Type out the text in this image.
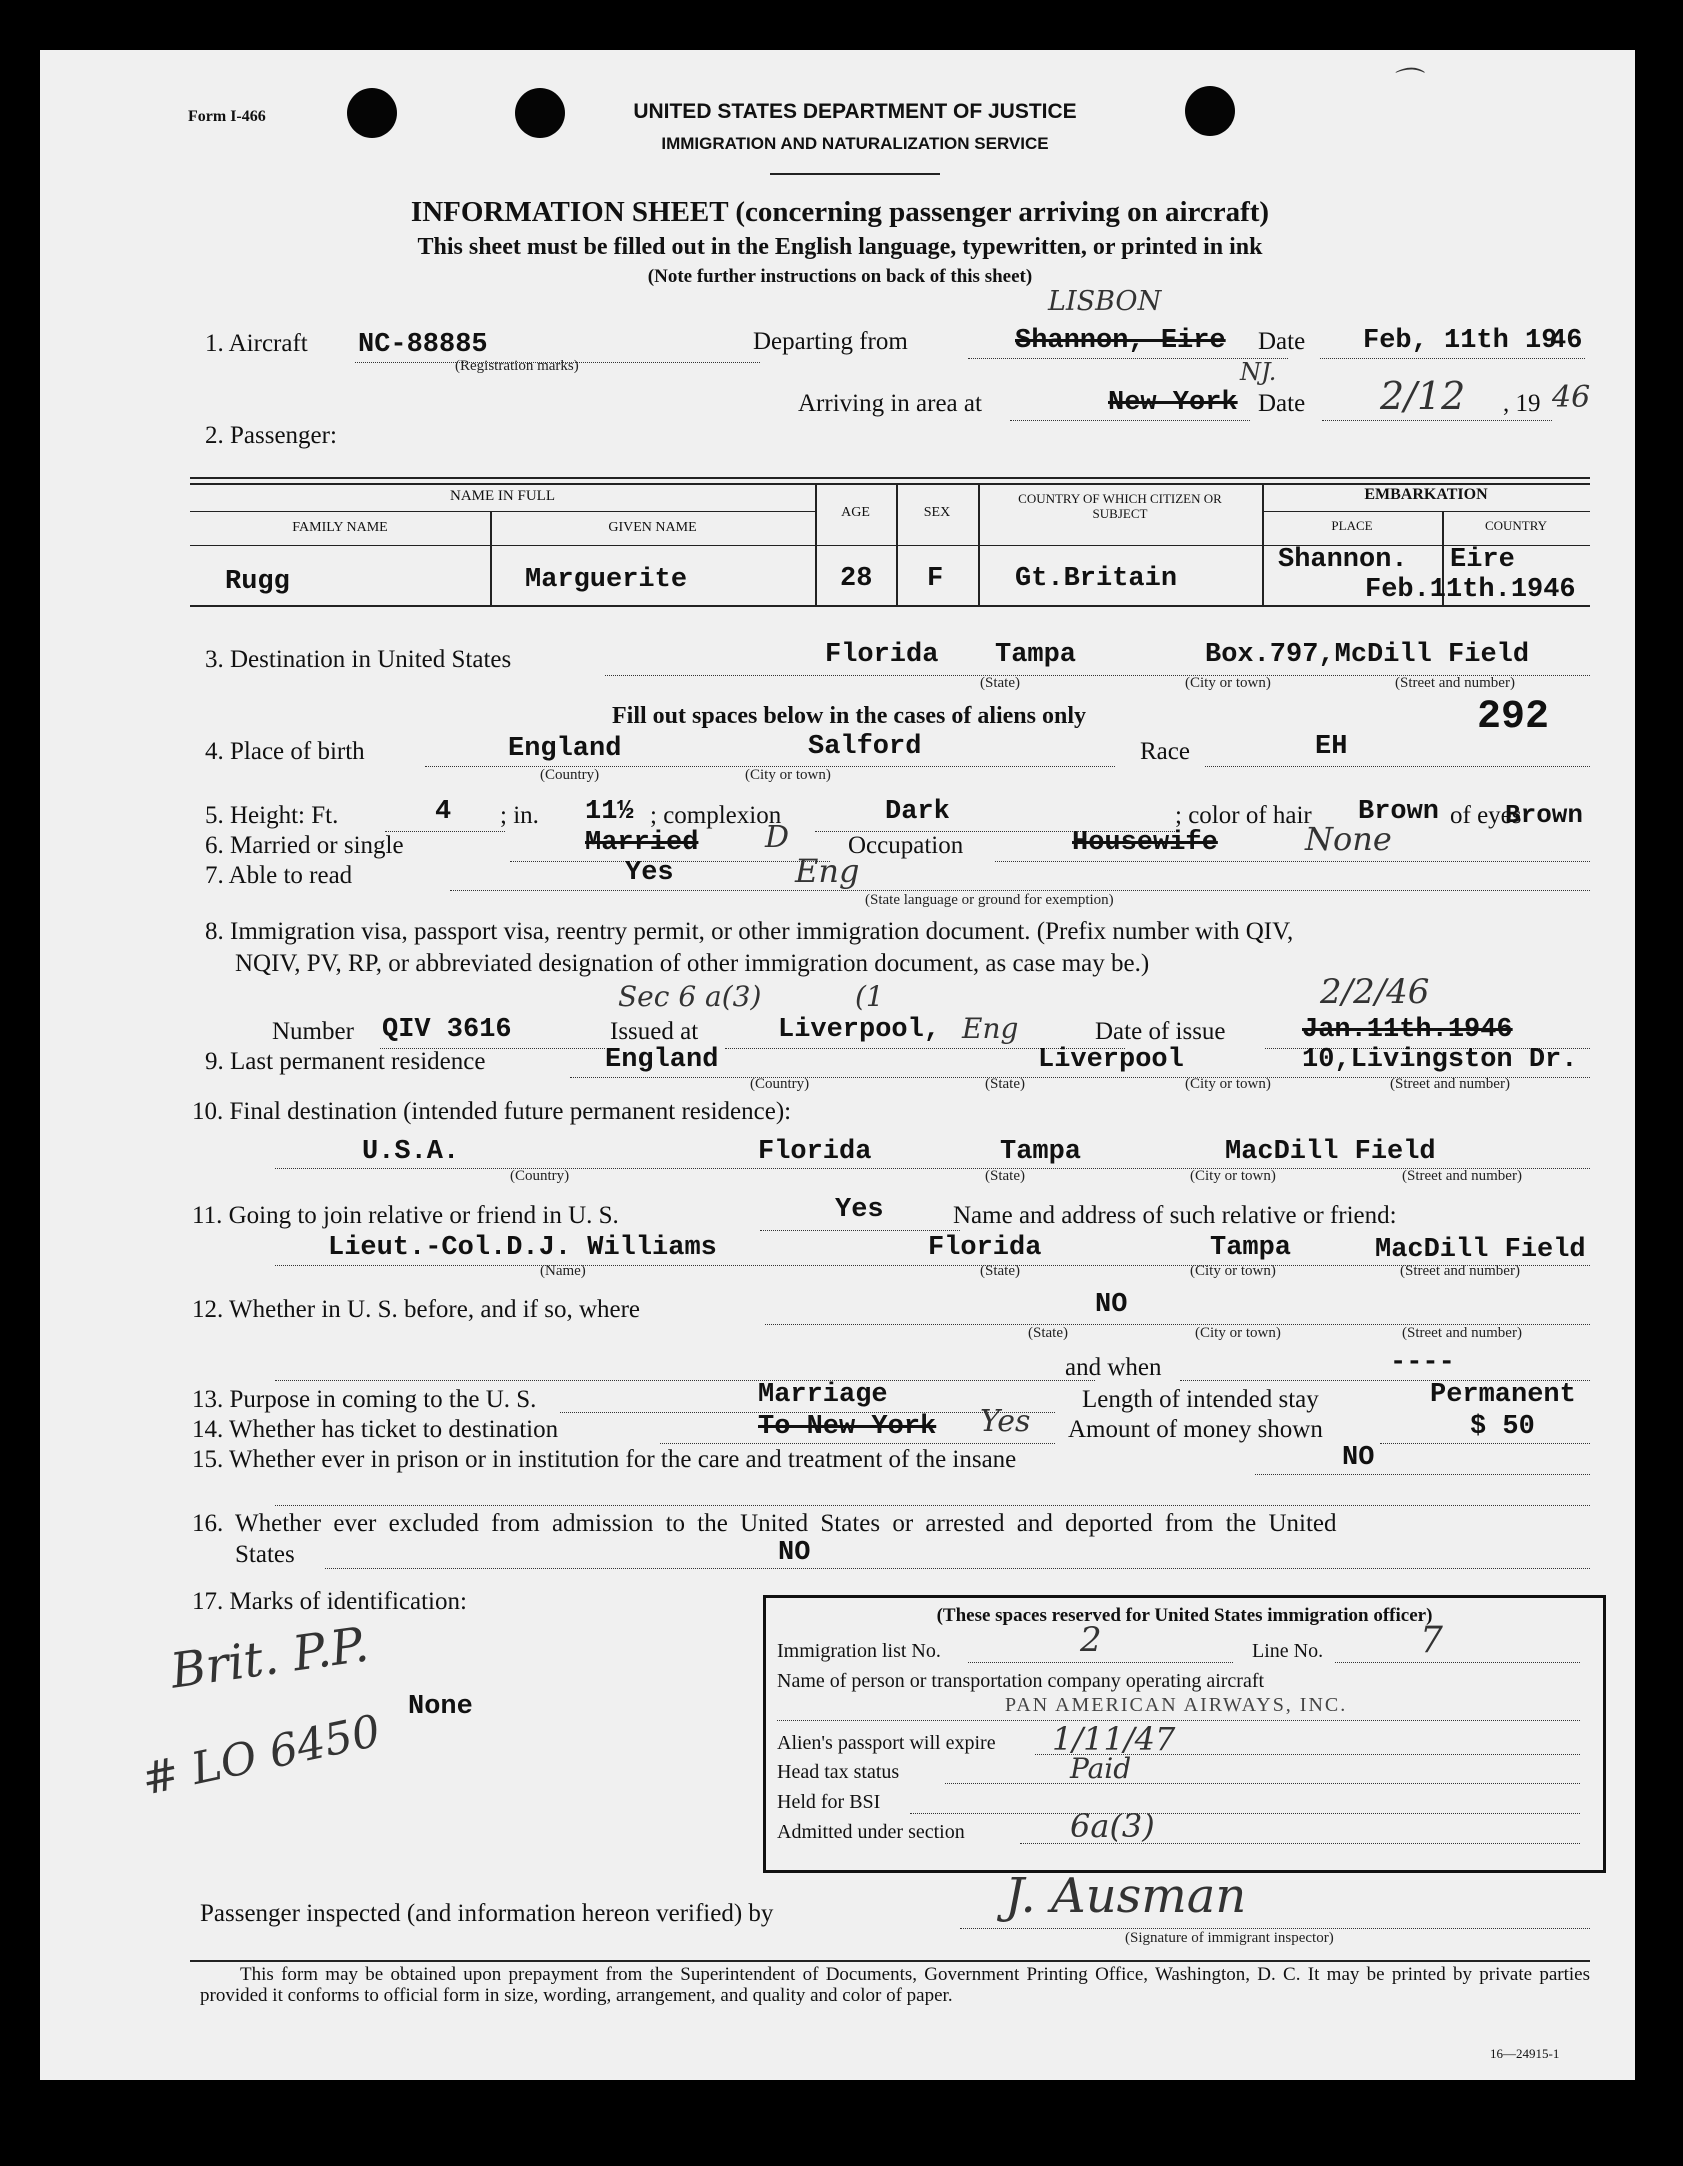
Form I-466	UNITED STATES DEPARTMENT OF JUSTICE
IMMIGRATION AND NATURALIZATION SERVICE
INFORMATION SHEET (concerning passenger arriving on aircraft)
This sheet must be filled out in the English language, typewritten, or printed in ink
(Note further instructions on back of this sheet)
⌒
1. Aircraft NC-88885
(Registration marks)
Departing from	Shannon, Eire
LISBON
Date Feb, 11th 19
46
Arriving in area at	New York
NJ.
Date 2/12 , 19 46
2. Passenger:
NAME IN FULL
FAMILY NAME	GIVEN NAME
AGE	SEX
COUNTRY OF WHICH CITIZEN OR SUBJECT
EMBARKATION
PLACE	COUNTRY
Rugg	Marguerite	28 F	Gt.Britain
Shannon. Eire
Feb.11th.1946
3. Destination in United States	Florida Tampa	Box.797,McDill Field
(State)	(City or town)	(Street and number)
292
Fill out spaces below in the cases of aliens only
4. Place of birth	England	Salford
(Country)	(City or town)
Race	EH
5. Height: Ft.	4 ; in. 11½ ; complexion	Dark	; color of hair Brown of eyes
Brown
6. Married or single	Married D Occupation	Housewife	None
7. Able to read	Yes	Eng
(State language or ground for exemption)
8. Immigration visa, passport visa, reentry permit, or other immigration document. (Prefix number with QIV,
NQIV, PV, RP, or abbreviated designation of other immigration document, as case may be.)
Sec 6 a(3)	(1
Number QIV 3616	Issued at	Liverpool, Eng	Date of issue	Jan.11th.1946
2/2/46
9. Last permanent residence	England	Liverpool	10,Livingston Dr.
(Country)	(State)	(City or town)	(Street and number)
10. Final destination (intended future permanent residence):
U.S.A.	Florida	Tampa	MacDill Field
(Country)	(State)	(City or town)	(Street and number)
11. Going to join relative or friend in U. S.	Yes	Name and address of such relative or friend:
Lieut.-Col.D.J. Williams	Florida	Tampa	MacDill Field
(Name)	(State)	(City or town)	(Street and number)
12. Whether in U. S. before, and if so, where	NO
(State)	(City or town)	(Street and number)
and when	----
13. Purpose in coming to the U. S.	Marriage	Length of intended stay	Permanent
14. Whether has ticket to destination	To New York Yes Amount of money shown	$ 50
15. Whether ever in prison or in institution for the care and treatment of the insane	NO
16. Whether ever excluded from admission to the United States or arrested and deported from the United
States	NO
17. Marks of identification:
None
Brit. P.P.
# LO 6450
(These spaces reserved for United States immigration officer)
Immigration list No.	2	Line No.	7
Name of person or transportation company operating aircraft
PAN AMERICAN AIRWAYS, INC.
Alien's passport will expire 1/11/47
Head tax status	Paid
Held for BSI
Admitted under section	6a(3)
Passenger inspected (and information hereon verified) by	J. Ausman
(Signature of immigrant inspector)
This form may be obtained upon prepayment from the Superintendent of Documents, Government Printing Office, Washington, D. C. It may be printed by private parties provided it conforms to official form in size, wording, arrangement, and quality and color of paper.
16—24915-1
